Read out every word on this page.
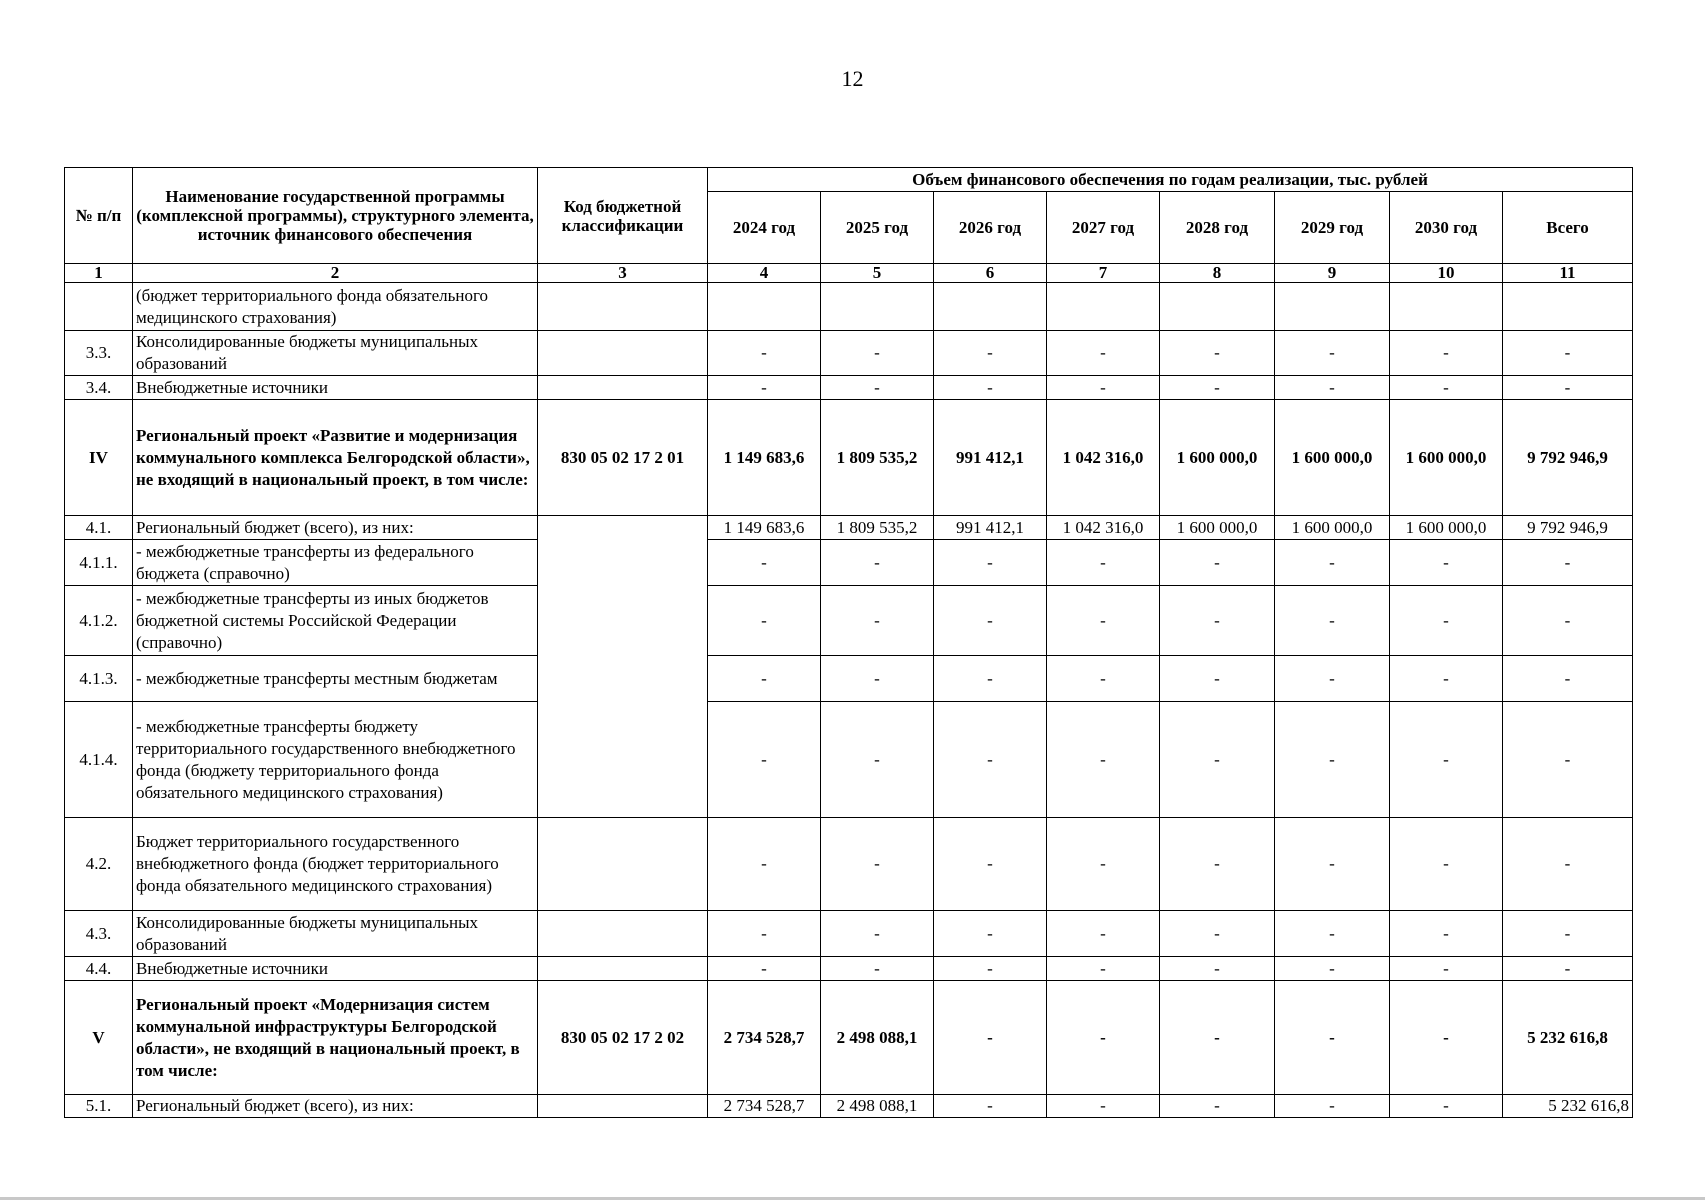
12
№ п/п	Наименование государственной программы (комплексной программы), структурного элемента, источник финансового обеспечения	Код бюджетной классификации	Объем финансового обеспечения по годам реализации, тыс. рублей							
			2024 год	2025 год	2026 год	2027 год	2028 год	2029 год	2030 год	Всего
1	2	3	4	5	6	7	8	9	10	11
	(бюджет территориального фонда обязательного медицинского страхования)									
3.3.	Консолидированные бюджеты муниципальных образований		-	-	-	-	-	-	-	-
3.4.	Внебюджетные источники		-	-	-	-	-	-	-	-
IV	Региональный проект «Развитие и модернизация коммунального комплекса Белгородской области», не входящий в национальный проект, в том числе:	830 05 02 17 2 01	1 149 683,6	1 809 535,2	991 412,1	1 042 316,0	1 600 000,0	1 600 000,0	1 600 000,0	9 792 946,9
4.1.	Региональный бюджет (всего), из них:		1 149 683,6	1 809 535,2	991 412,1	1 042 316,0	1 600 000,0	1 600 000,0	1 600 000,0	9 792 946,9
4.1.1.	- межбюджетные трансферты из федерального бюджета (справочно)		-	-	-	-	-	-	-	-
4.1.2.	- межбюджетные трансферты из иных бюджетов бюджетной системы Российской Федерации (справочно)		-	-	-	-	-	-	-	-
4.1.3.	- межбюджетные трансферты местным бюджетам		-	-	-	-	-	-	-	-
4.1.4.	- межбюджетные трансферты бюджету территориального государственного внебюджетного фонда (бюджету территориального фонда обязательного медицинского страхования)		-	-	-	-	-	-	-	-
4.2.	Бюджет территориального государственного внебюджетного фонда (бюджет территориального фонда обязательного медицинского страхования)		-	-	-	-	-	-	-	-
4.3.	Консолидированные бюджеты муниципальных образований		-	-	-	-	-	-	-	-
4.4.	Внебюджетные источники		-	-	-	-	-	-	-	-
V	Региональный проект «Модернизация систем коммунальной инфраструктуры Белгородской области», не входящий в национальный проект, в том числе:	830 05 02 17 2 02	2 734 528,7	2 498 088,1	-	-	-	-	-	5 232 616,8
5.1.	Региональный бюджет (всего), из них:		2 734 528,7	2 498 088,1	-	-	-	-	-	5 232 616,8
